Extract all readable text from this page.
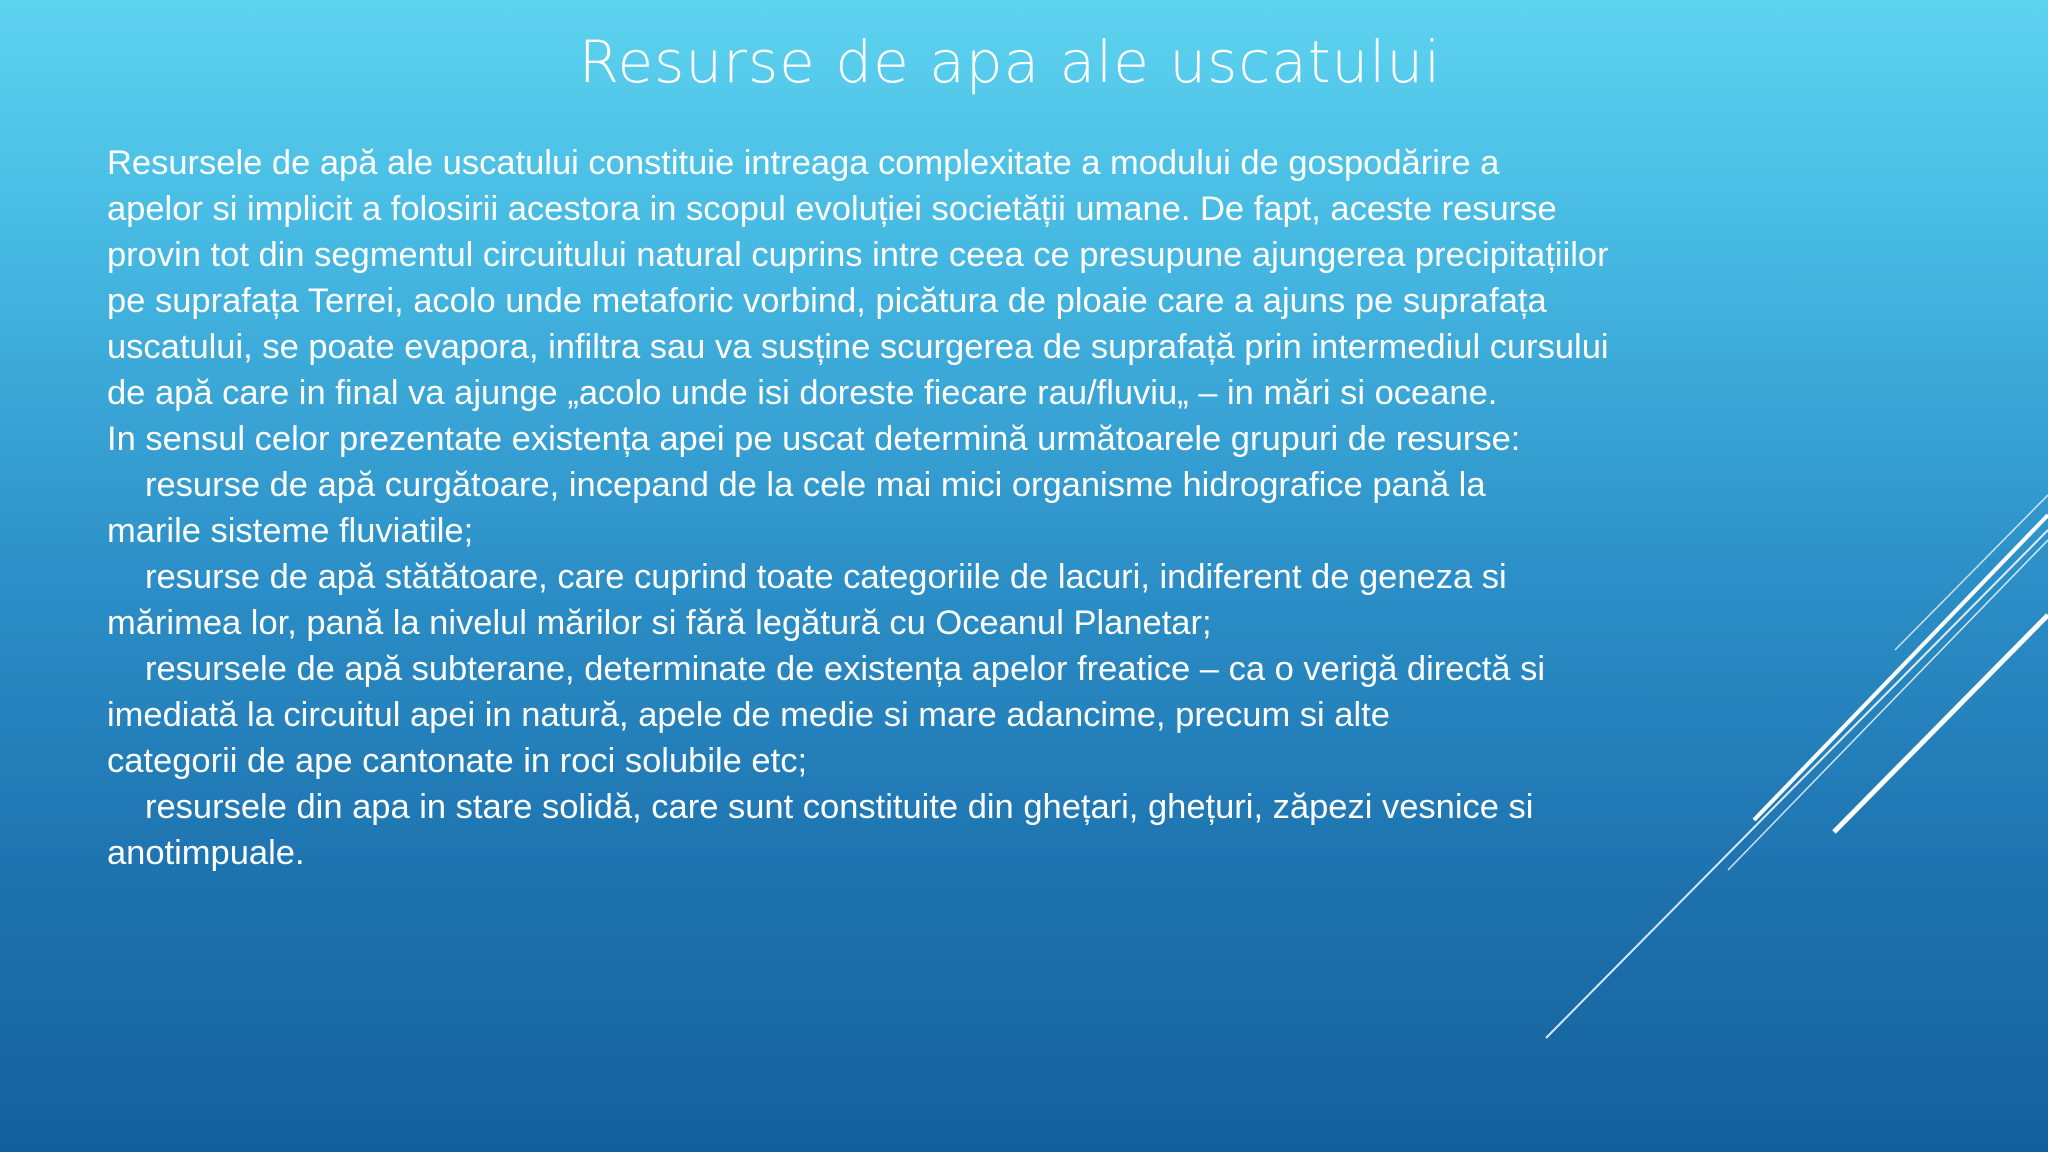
Resurse de apa ale uscatului

Resursele de apă ale uscatului constituie intreaga complexitate a modului de gospodărire a

apelor si implicit a folosirii acestora in scopul evoluției societății umane. De fapt, aceste resurse

provin tot din segmentul circuitului natural cuprins intre ceea ce presupune ajungerea precipitațiilor

pe suprafața Terrei, acolo unde metaforic vorbind, picătura de ploaie care a ajuns pe suprafața

uscatului, se poate evapora, infiltra sau va susține scurgerea de suprafață prin intermediul cursului

de apă care in final va ajunge „acolo unde isi doreste fiecare rau/fluviu„ – in mări si oceane.

In sensul celor prezentate existența apei pe uscat determină următoarele grupuri de resurse:

resurse de apă curgătoare, incepand de la cele mai mici organisme hidrografice pană la

marile sisteme fluviatile;

resurse de apă stătătoare, care cuprind toate categoriile de lacuri, indiferent de geneza si

mărimea lor, pană la nivelul mărilor si fără legătură cu Oceanul Planetar;

resursele de apă subterane, determinate de existența apelor freatice – ca o verigă directă si

imediată la circuitul apei in natură, apele de medie si mare adancime, precum si alte

categorii de ape cantonate in roci solubile etc;

resursele din apa in stare solidă, care sunt constituite din ghețari, ghețuri, zăpezi vesnice si

anotimpuale.
